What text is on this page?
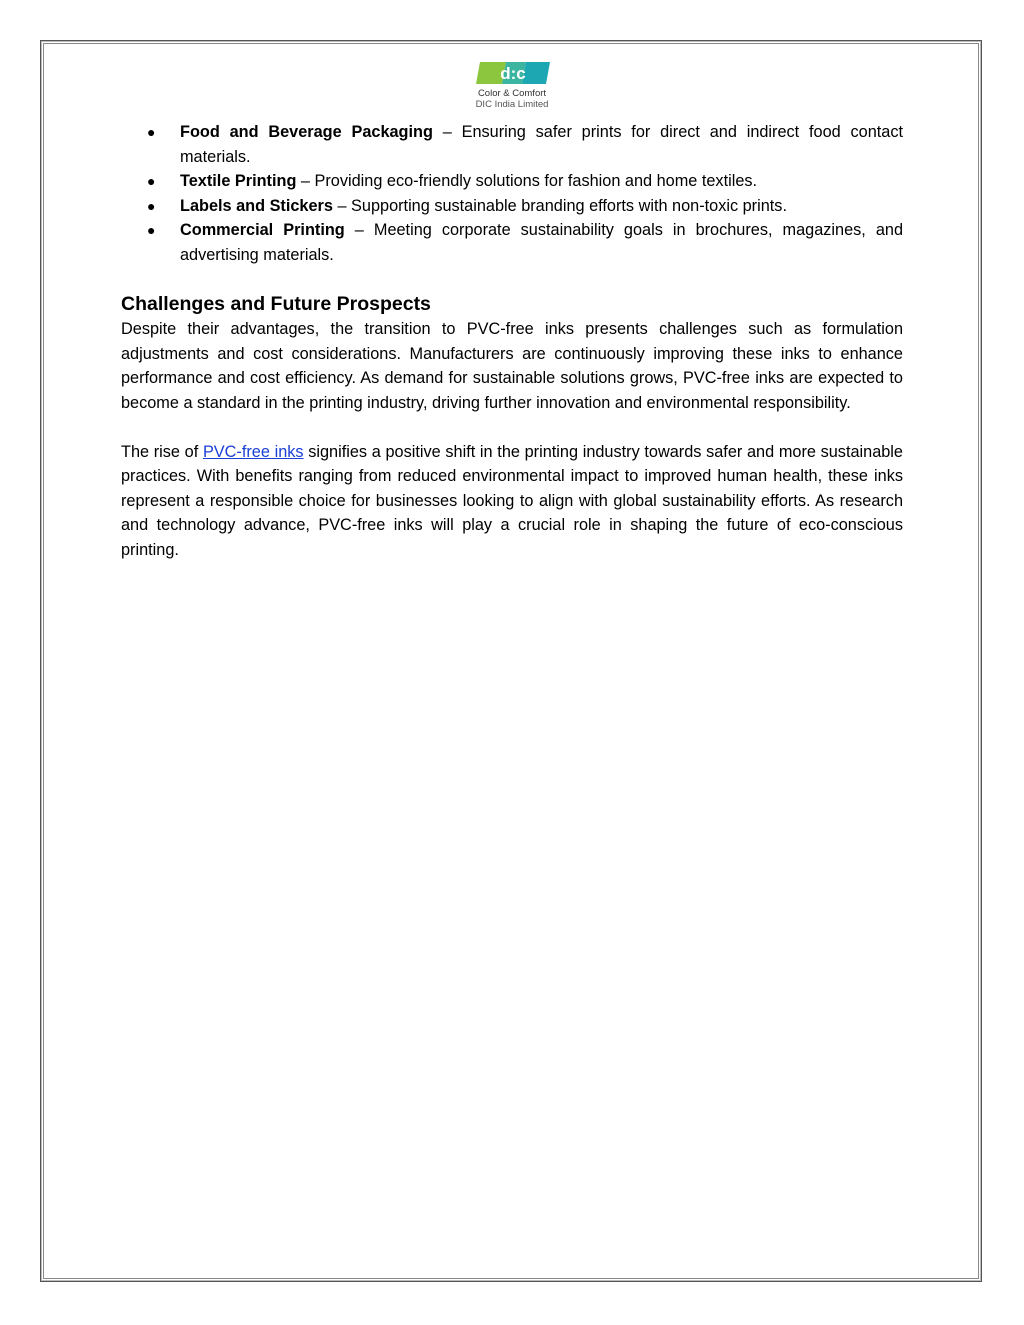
d:c
Color & Comfort
DIC India Limited
● Food and Beverage Packaging – Ensuring safer prints for direct and indirect food contact materials.
● Textile Printing – Providing eco-friendly solutions for fashion and home textiles.
● Labels and Stickers – Supporting sustainable branding efforts with non-toxic prints.
● Commercial Printing – Meeting corporate sustainability goals in brochures, magazines, and advertising materials.
Challenges and Future Prospects

Despite their advantages, the transition to PVC-free inks presents challenges such as formulation adjustments and cost considerations. Manufacturers are continuously improving these inks to enhance performance and cost efficiency. As demand for sustainable solutions grows, PVC-free inks are expected to become a standard in the printing industry, driving further innovation and environmental responsibility.

The rise of PVC-free inks signifies a positive shift in the printing industry towards safer and more sustainable practices. With benefits ranging from reduced environmental impact to improved human health, these inks represent a responsible choice for businesses looking to align with global sustainability efforts. As research and technology advance, PVC-free inks will play a crucial role in shaping the future of eco-conscious printing.
